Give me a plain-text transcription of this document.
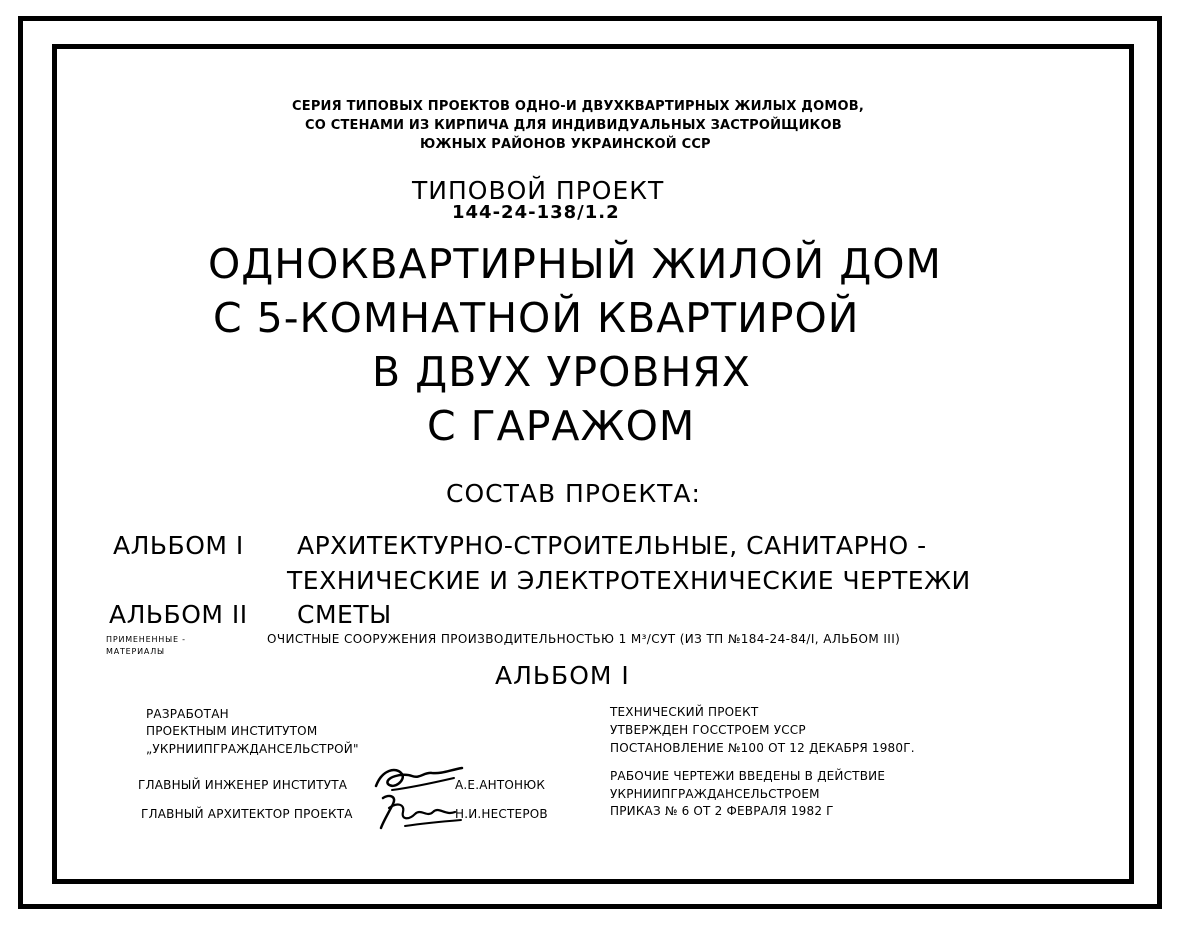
СЕРИЯ ТИПОВЫХ ПРОЕКТОВ ОДНО-И ДВУХКВАРТИРНЫХ ЖИЛЫХ ДОМОВ,
СО СТЕНАМИ ИЗ КИРПИЧА ДЛЯ ИНДИВИДУАЛЬНЫХ ЗАСТРОЙЩИКОВ
ЮЖНЫХ РАЙОНОВ УКРАИНСКОЙ ССР
ТИПОВОЙ ПРОЕКТ
144-24-138/1.2
ОДНОКВАРТИРНЫЙ ЖИЛОЙ ДОМ
С 5-КОМНАТНОЙ КВАРТИРОЙ
В ДВУХ УРОВНЯХ
С ГАРАЖОМ
СОСТАВ ПРОЕКТА:
АЛЬБОМ I АРХИТЕКТУРНО-СТРОИТЕЛЬНЫЕ, САНИТАРНО -
ТЕХНИЧЕСКИЕ И ЭЛЕКТРОТЕХНИЧЕСКИЕ ЧЕРТЕЖИ
АЛЬБОМ II СМЕТЫ
ПРИМЕНЕННЫЕ -
МАТЕРИАЛЫ
ОЧИСТНЫЕ СООРУЖЕНИЯ ПРОИЗВОДИТЕЛЬНОСТЬЮ 1 М³/СУТ (ИЗ ТП №184-24-84/I, АЛЬБОМ III)
АЛЬБОМ I
РАЗРАБОТАН
ПРОЕКТНЫМ ИНСТИТУТОМ
„УКРНИИПГРАЖДАНСЕЛЬСТРОЙ"
ГЛАВНЫЙ ИНЖЕНЕР ИНСТИТУТА	А.Е.АНТОНЮК
ГЛАВНЫЙ АРХИТЕКТОР ПРОЕКТА	Н.И.НЕСТЕРОВ
ТЕХНИЧЕСКИЙ ПРОЕКТ
УТВЕРЖДЕН ГОССТРОЕМ УССР
ПОСТАНОВЛЕНИЕ №100 ОТ 12 ДЕКАБРЯ 1980Г.
РАБОЧИЕ ЧЕРТЕЖИ ВВЕДЕНЫ В ДЕЙСТВИЕ
УКРНИИПГРАЖДАНСЕЛЬСТРОЕМ
ПРИКАЗ № 6 ОТ 2 ФЕВРАЛЯ 1982 Г
